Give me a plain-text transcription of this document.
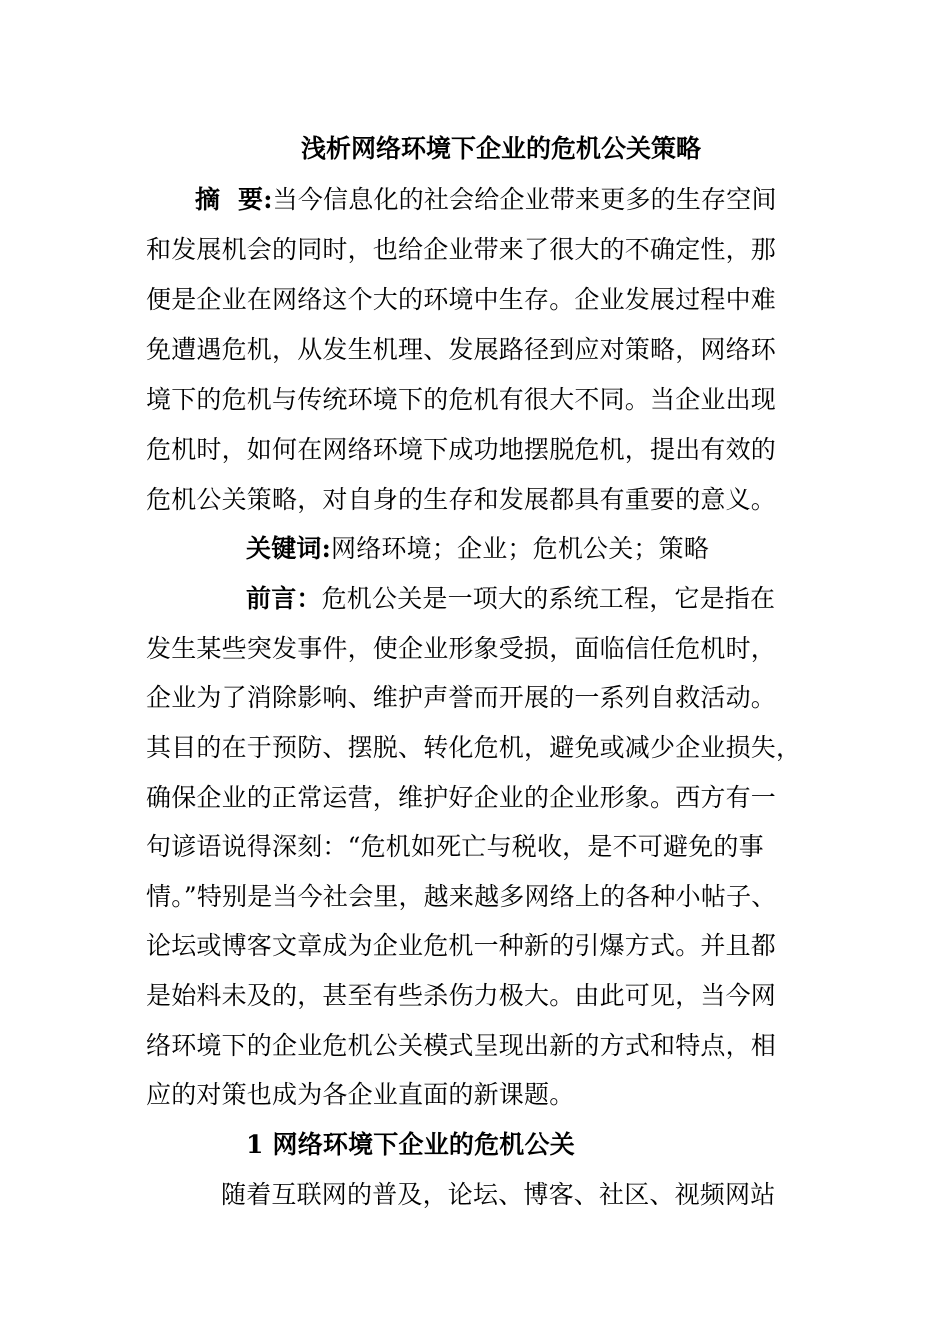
浅析网络环境下企业的危机公关策略
摘  要:当今信息化的社会给企业带来更多的生存空间
和发展机会的同时，也给企业带来了很大的不确定性，那
便是企业在网络这个大的环境中生存。企业发展过程中难
免遭遇危机，从发生机理、发展路径到应对策略，网络环
境下的危机与传统环境下的危机有很大不同。当企业出现
危机时，如何在网络环境下成功地摆脱危机，提出有效的
危机公关策略，对自身的生存和发展都具有重要的意义。
关键词:网络环境；企业；危机公关；策略
前言：危机公关是一项大的系统工程，它是指在
发生某些突发事件，使企业形象受损，面临信任危机时，
企业为了消除影响、维护声誉而开展的一系列自救活动。
其目的在于预防、摆脱、转化危机，避免或减少企业损失，
确保企业的正常运营，维护好企业的企业形象。西方有一
句谚语说得深刻：“危机如死亡与税收，是不可避免的事
情。”特别是当今社会里，越来越多网络上的各种小帖子、
论坛或博客文章成为企业危机一种新的引爆方式。并且都
是始料未及的，甚至有些杀伤力极大。由此可见，当今网
络环境下的企业危机公关模式呈现出新的方式和特点，相
应的对策也成为各企业直面的新课题。
1 网络环境下企业的危机公关
随着互联网的普及，论坛、博客、社区、视频网站
